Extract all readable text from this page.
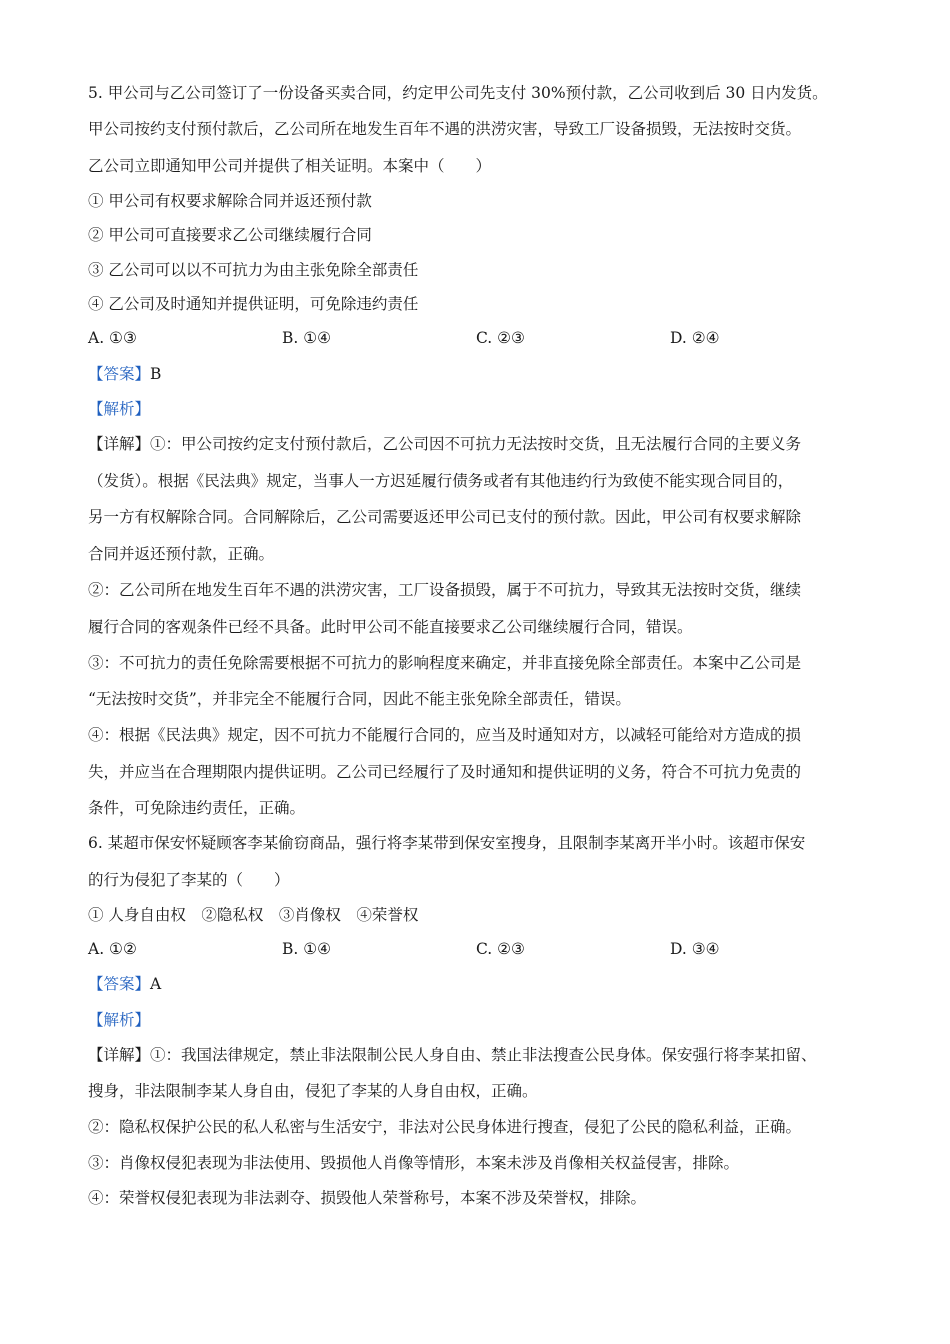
5. 甲公司与乙公司签订了一份设备买卖合同，约定甲公司先支付 30%预付款，乙公司收到后 30 日内发货。
甲公司按约支付预付款后，乙公司所在地发生百年不遇的洪涝灾害，导致工厂设备损毁，无法按时交货。
乙公司立即通知甲公司并提供了相关证明。本案中（　　）
① 甲公司有权要求解除合同并返还预付款
② 甲公司可直接要求乙公司继续履行合同
③ 乙公司可以以不可抗力为由主张免除全部责任
④ 乙公司及时通知并提供证明，可免除违约责任
A. ①③	B. ①④	C. ②③	D. ②④
【答案】B
【解析】
【详解】①：甲公司按约定支付预付款后，乙公司因不可抗力无法按时交货，且无法履行合同的主要义务
（发货）。根据《民法典》规定，当事人一方迟延履行债务或者有其他违约行为致使不能实现合同目的，
另一方有权解除合同。合同解除后，乙公司需要返还甲公司已支付的预付款。因此，甲公司有权要求解除
合同并返还预付款，正确。
②：乙公司所在地发生百年不遇的洪涝灾害，工厂设备损毁，属于不可抗力，导致其无法按时交货，继续
履行合同的客观条件已经不具备。此时甲公司不能直接要求乙公司继续履行合同，错误。
③：不可抗力的责任免除需要根据不可抗力的影响程度来确定，并非直接免除全部责任。本案中乙公司是
“无法按时交货”，并非完全不能履行合同，因此不能主张免除全部责任，错误。
④：根据《民法典》规定，因不可抗力不能履行合同的，应当及时通知对方，以减轻可能给对方造成的损
失，并应当在合理期限内提供证明。乙公司已经履行了及时通知和提供证明的义务，符合不可抗力免责的
条件，可免除违约责任，正确。
6. 某超市保安怀疑顾客李某偷窃商品，强行将李某带到保安室搜身，且限制李某离开半小时。该超市保安
的行为侵犯了李某的（　　）
① 人身自由权　②隐私权　③肖像权　④荣誉权
A. ①②	B. ①④	C. ②③	D. ③④
【答案】A
【解析】
【详解】①：我国法律规定，禁止非法限制公民人身自由、禁止非法搜查公民身体。保安强行将李某扣留、
搜身，非法限制李某人身自由，侵犯了李某的人身自由权，正确。
②：隐私权保护公民的私人私密与生活安宁，非法对公民身体进行搜查，侵犯了公民的隐私利益，正确。
③：肖像权侵犯表现为非法使用、毁损他人肖像等情形，本案未涉及肖像相关权益侵害，排除。
④：荣誉权侵犯表现为非法剥夺、损毁他人荣誉称号，本案不涉及荣誉权，排除。
